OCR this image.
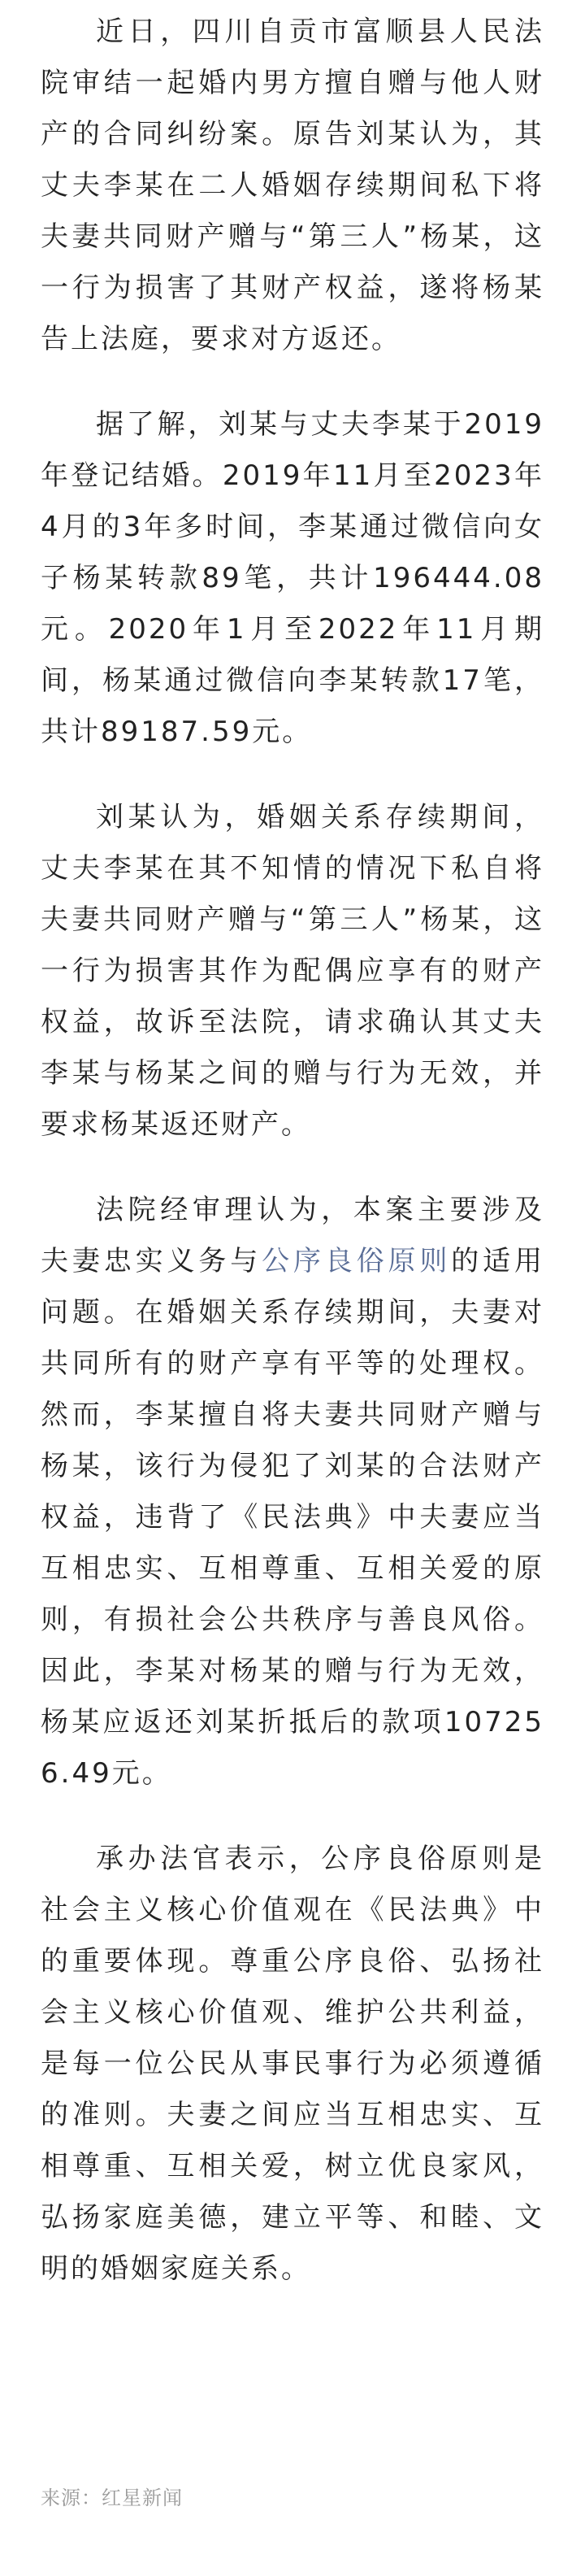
近日，四川自贡市富顺县人民法院审结一起婚内男方擅自赠与他人财产的合同纠纷案。原告刘某认为，其丈夫李某在二人婚姻存续期间私下将夫妻共同财产赠与“第三人”杨某，这一行为损害了其财产权益，遂将杨某告上法庭，要求对方返还。

据了解，刘某与丈夫李某于2019年登记结婚。2019年11月至2023年4月的3年多时间，李某通过微信向女子杨某转款89笔，共计196444.08元。2020年1月至2022年11月期间，杨某通过微信向李某转款17笔，共计89187.59元。

刘某认为，婚姻关系存续期间，丈夫李某在其不知情的情况下私自将夫妻共同财产赠与“第三人”杨某，这一行为损害其作为配偶应享有的财产权益，故诉至法院，请求确认其丈夫李某与杨某之间的赠与行为无效，并要求杨某返还财产。

法院经审理认为，本案主要涉及夫妻忠实义务与公序良俗原则的适用问题。在婚姻关系存续期间，夫妻对共同所有的财产享有平等的处理权。然而，李某擅自将夫妻共同财产赠与杨某，该行为侵犯了刘某的合法财产权益，违背了《民法典》中夫妻应当互相忠实、互相尊重、互相关爱的原则，有损社会公共秩序与善良风俗。因此，李某对杨某的赠与行为无效，杨某应返还刘某折抵后的款项107256.49元。

承办法官表示，公序良俗原则是社会主义核心价值观在《民法典》中的重要体现。尊重公序良俗、弘扬社会主义核心价值观、维护公共利益，是每一位公民从事民事行为必须遵循的准则。夫妻之间应当互相忠实、互相尊重、互相关爱，树立优良家风，弘扬家庭美德，建立平等、和睦、文明的婚姻家庭关系。

来源：红星新闻
